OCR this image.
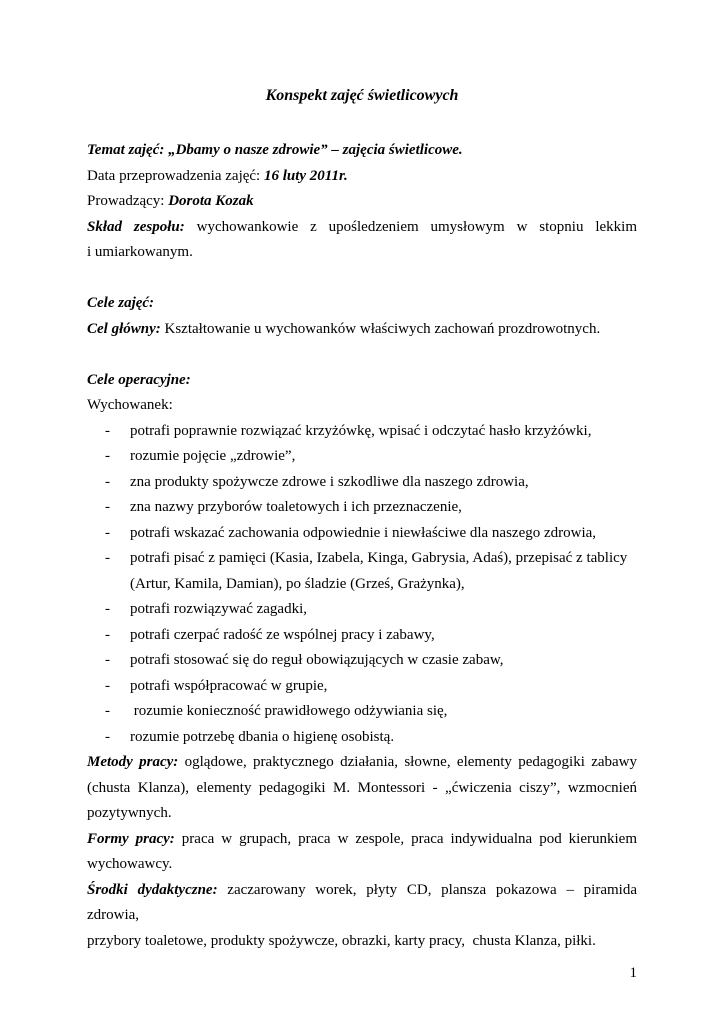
Konspekt zajęć świetlicowych
Temat zajęć: „Dbamy o nasze zdrowie” – zajęcia świetlicowe.
Data przeprowadzenia zajęć: 16 luty 2011r.
Prowadzący: Dorota Kozak
Skład zespołu: wychowankowie z upośledzeniem umysłowym w stopniu lekkim
i umiarkowanym.
Cele zajęć:
Cel główny: Kształtowanie u wychowanków właściwych zachowań prozdrowotnych.
Cele operacyjne:
Wychowanek:
- potrafi poprawnie rozwiązać krzyżówkę, wpisać i odczytać hasło krzyżówki,
- rozumie pojęcie „zdrowie”,
- zna produkty spożywcze zdrowe i szkodliwe dla naszego zdrowia,
- zna nazwy przyborów toaletowych i ich przeznaczenie,
- potrafi wskazać zachowania odpowiednie i niewłaściwe dla naszego zdrowia,
- potrafi pisać z pamięci (Kasia, Izabela, Kinga, Gabrysia, Adaś), przepisać z tablicy
(Artur, Kamila, Damian), po śladzie (Grześ, Grażynka),
- potrafi rozwiązywać zagadki,
- potrafi czerpać radość ze wspólnej pracy i zabawy,
- potrafi stosować się do reguł obowiązujących w czasie zabaw,
- potrafi współpracować w grupie,
- rozumie konieczność prawidłowego odżywiania się,
- rozumie potrzebę dbania o higienę osobistą.
Metody pracy: oglądowe, praktycznego działania, słowne, elementy pedagogiki zabawy
(chusta Klanza), elementy pedagogiki M. Montessori - „ćwiczenia ciszy”, wzmocnień
pozytywnych.
Formy pracy: praca w grupach, praca w zespole, praca indywidualna pod kierunkiem
wychowawcy.
Środki dydaktyczne: zaczarowany worek, płyty CD, plansza pokazowa – piramida zdrowia,
przybory toaletowe, produkty spożywcze, obrazki, karty pracy,  chusta Klanza, piłki.
1
